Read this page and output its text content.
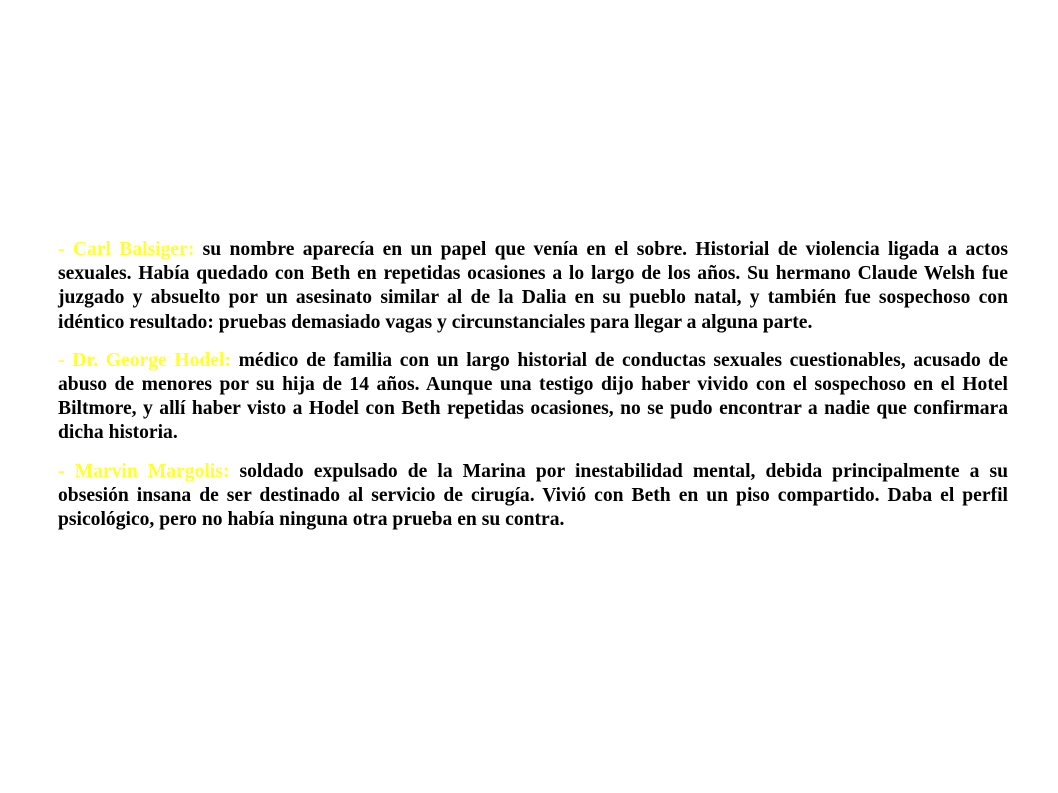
- Carl Balsiger: su nombre aparecía en un papel que venía en el sobre. Historial de violencia ligada a actos sexuales. Había quedado con Beth en repetidas ocasiones a lo largo de los años. Su hermano Claude Welsh fue juzgado y absuelto por un asesinato similar al de la Dalia en su pueblo natal, y también fue sospechoso con idéntico resultado: pruebas demasiado vagas y circunstanciales para llegar a alguna parte.

- Dr. George Hodel: médico de familia con un largo historial de conductas sexuales cuestionables, acusado de abuso de menores por su hija de 14 años. Aunque una testigo dijo haber vivido con el sospechoso en el Hotel Biltmore, y allí haber visto a Hodel con Beth repetidas ocasiones, no se pudo encontrar a nadie que confirmara dicha historia.

- Marvin Margolis: soldado expulsado de la Marina por inestabilidad mental, debida principalmente a su obsesión insana de ser destinado al servicio de cirugía. Vivió con Beth en un piso compartido. Daba el perfil psicológico, pero no había ninguna otra prueba en su contra.
